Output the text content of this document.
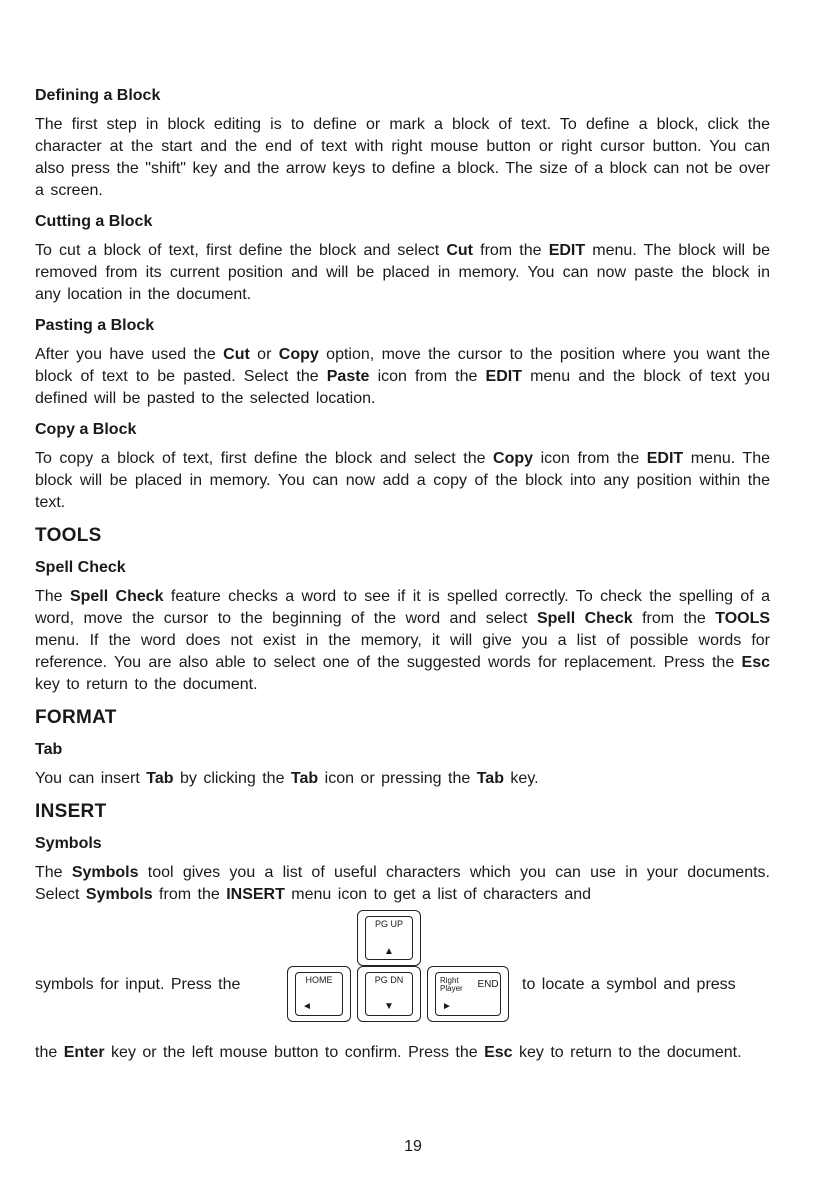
Defining a Block

The first step in block editing is to define or mark a block of text. To define a block, click the character at the start and the end of text with right mouse button or right cursor button. You can also press the "shift" key and the arrow keys to define a block. The size of a block can not be over a screen.

Cutting a Block

To cut a block of text, first define the block and select Cut from the EDIT menu. The block will be removed from its current position and will be placed in memory. You can now paste the block in any location in the document.

Pasting a Block

After you have used the Cut or Copy option, move the cursor to the position where you want the block of text to be pasted. Select the Paste icon from the EDIT menu and the block of text you defined will be pasted to the selected location.

Copy a Block

To copy a block of text, first define the block and select the Copy icon from the EDIT menu. The block will be placed in memory. You can now add a copy of the block into any position within the text.

TOOLS
Spell Check

The Spell Check feature checks a word to see if it is spelled correctly. To check the spelling of a word, move the cursor to the beginning of the word and select Spell Check from the TOOLS menu. If the word does not exist in the memory, it will give you a list of possible words for reference. You are also able to select one of the suggested words for replacement. Press the Esc key to return to the document.

FORMAT
Tab

You can insert Tab by clicking the Tab icon or pressing the Tab key.

INSERT
Symbols

The Symbols tool gives you a list of useful characters which you can use in your documents. Select Symbols from the INSERT menu icon to get a list of characters and

symbols for input. Press the
PG UP
▲
HOME
◄
PG DN
▼
Right
Player	END
►
to locate a symbol and press

the Enter key or the left mouse button to confirm. Press the Esc key to return to the document.

19
